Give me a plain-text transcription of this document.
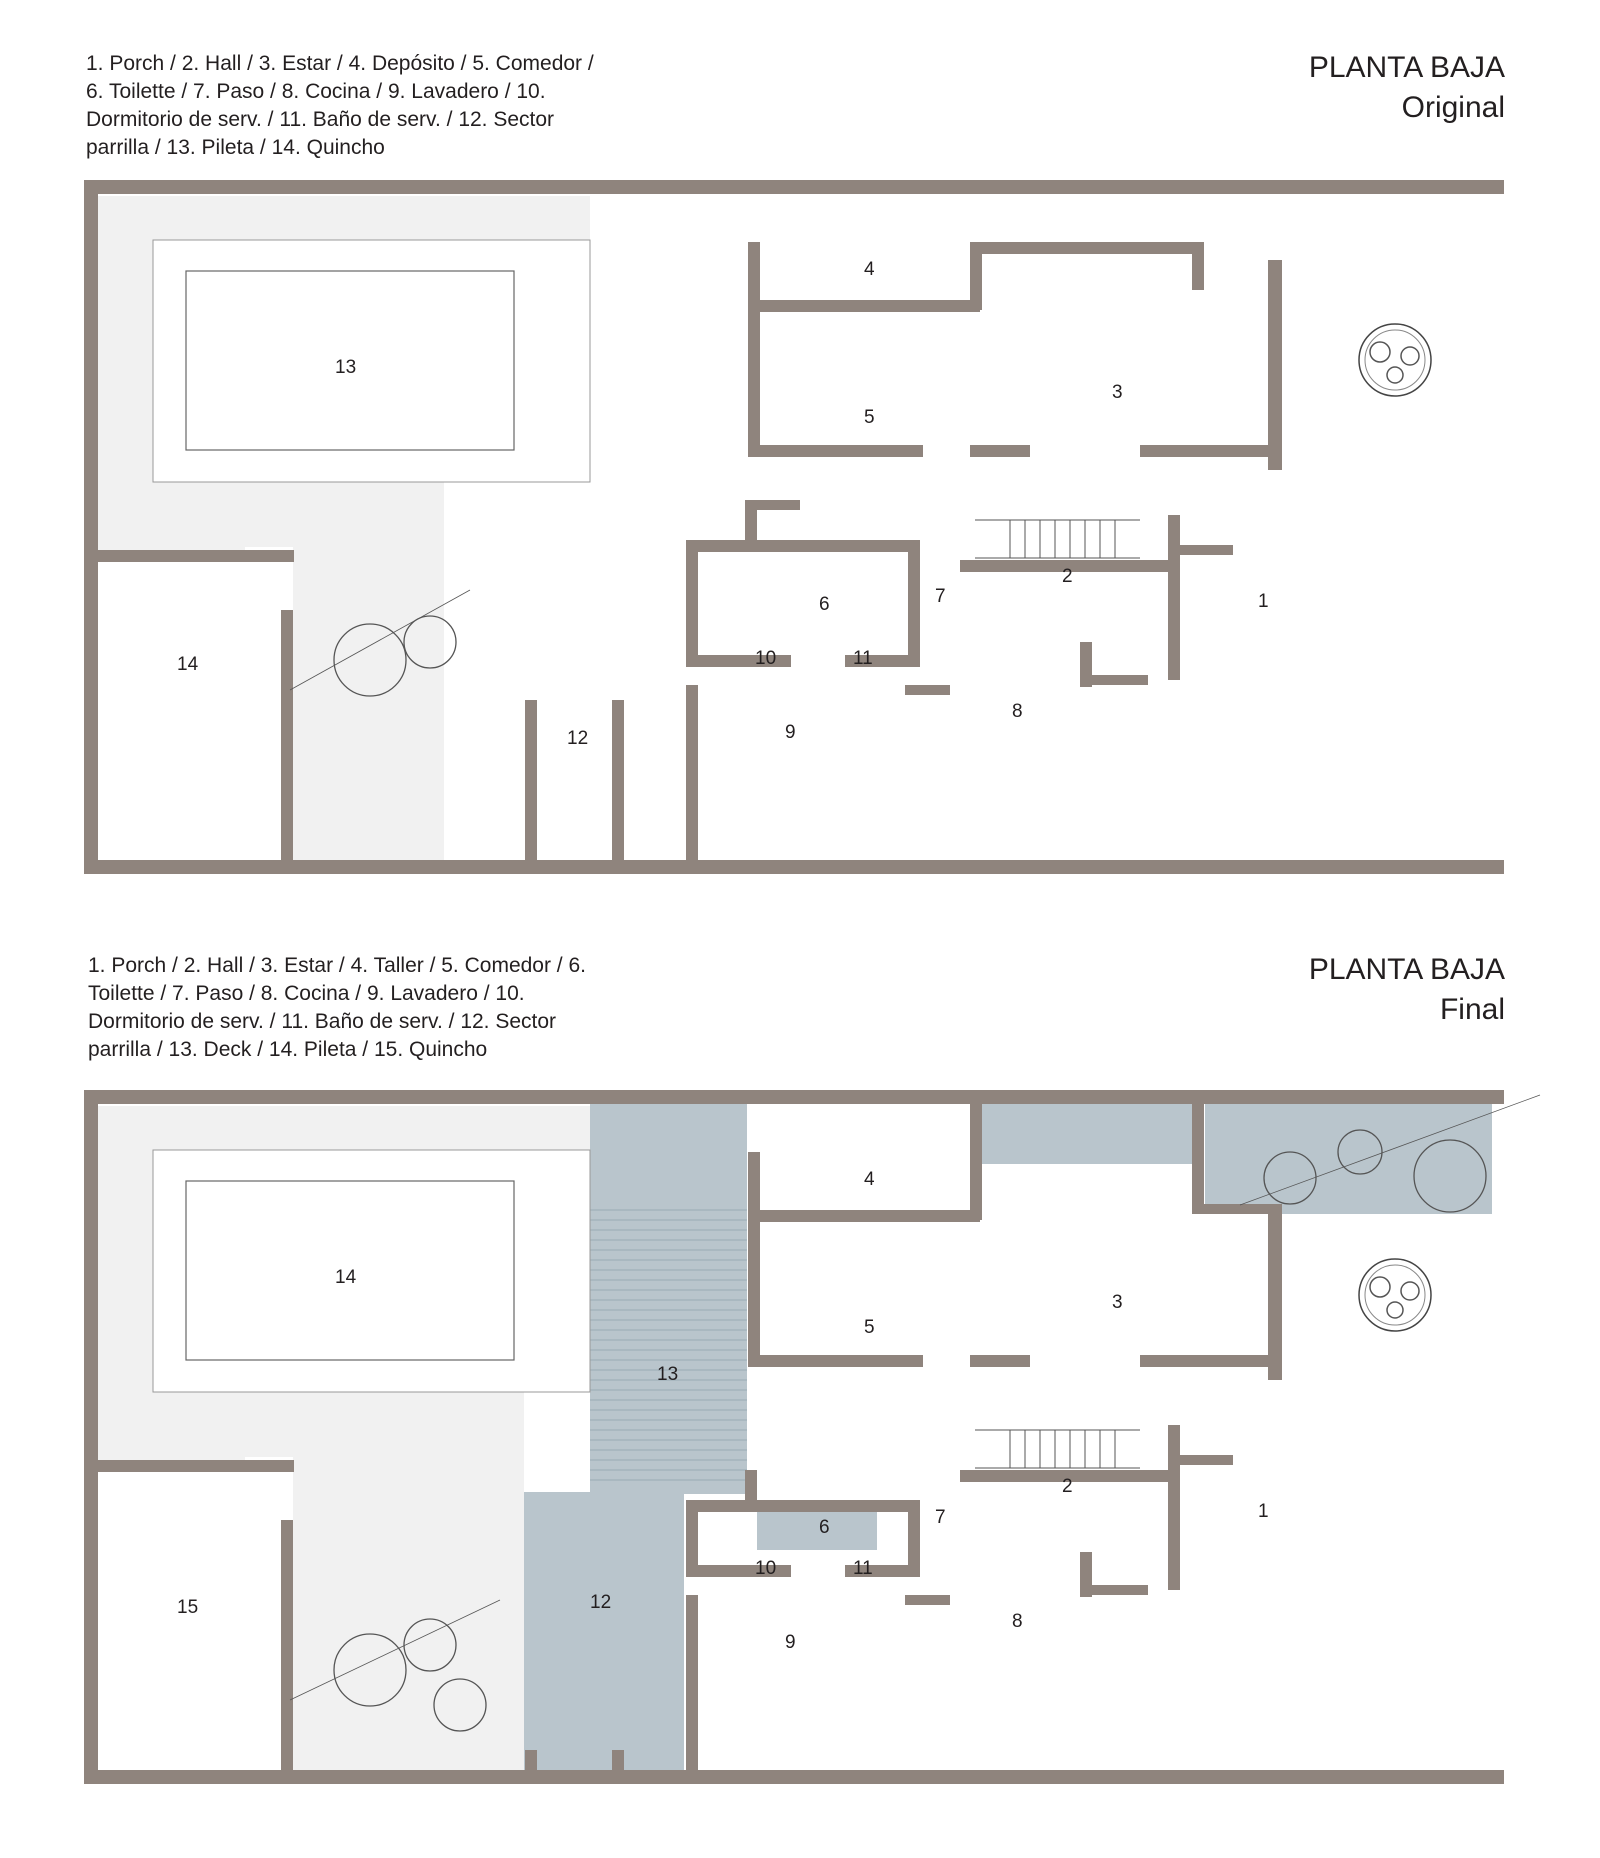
1. Porch / 2. Hall / 3. Estar / 4. Depósito / 5. Comedor / 6. Toilette / 7. Paso / 8. Cocina / 9. Lavadero / 10. Dormitorio de serv. / 11. Baño de serv. / 12. Sector parrilla / 13. Pileta / 14. Quincho
PLANTA BAJA
Original
1
2
3
4
5
6	7
8
9
10	11
12
13
14
1. Porch / 2. Hall / 3. Estar / 4. Taller / 5. Comedor / 6. Toilette / 7. Paso / 8. Cocina / 9. Lavadero / 10. Dormitorio de serv. / 11. Baño de serv. / 12. Sector parrilla / 13. Deck / 14. Pileta / 15. Quincho
PLANTA BAJA
Final
1
2
3
4
5
6	7
8
9
10	11
12
13
14
15
